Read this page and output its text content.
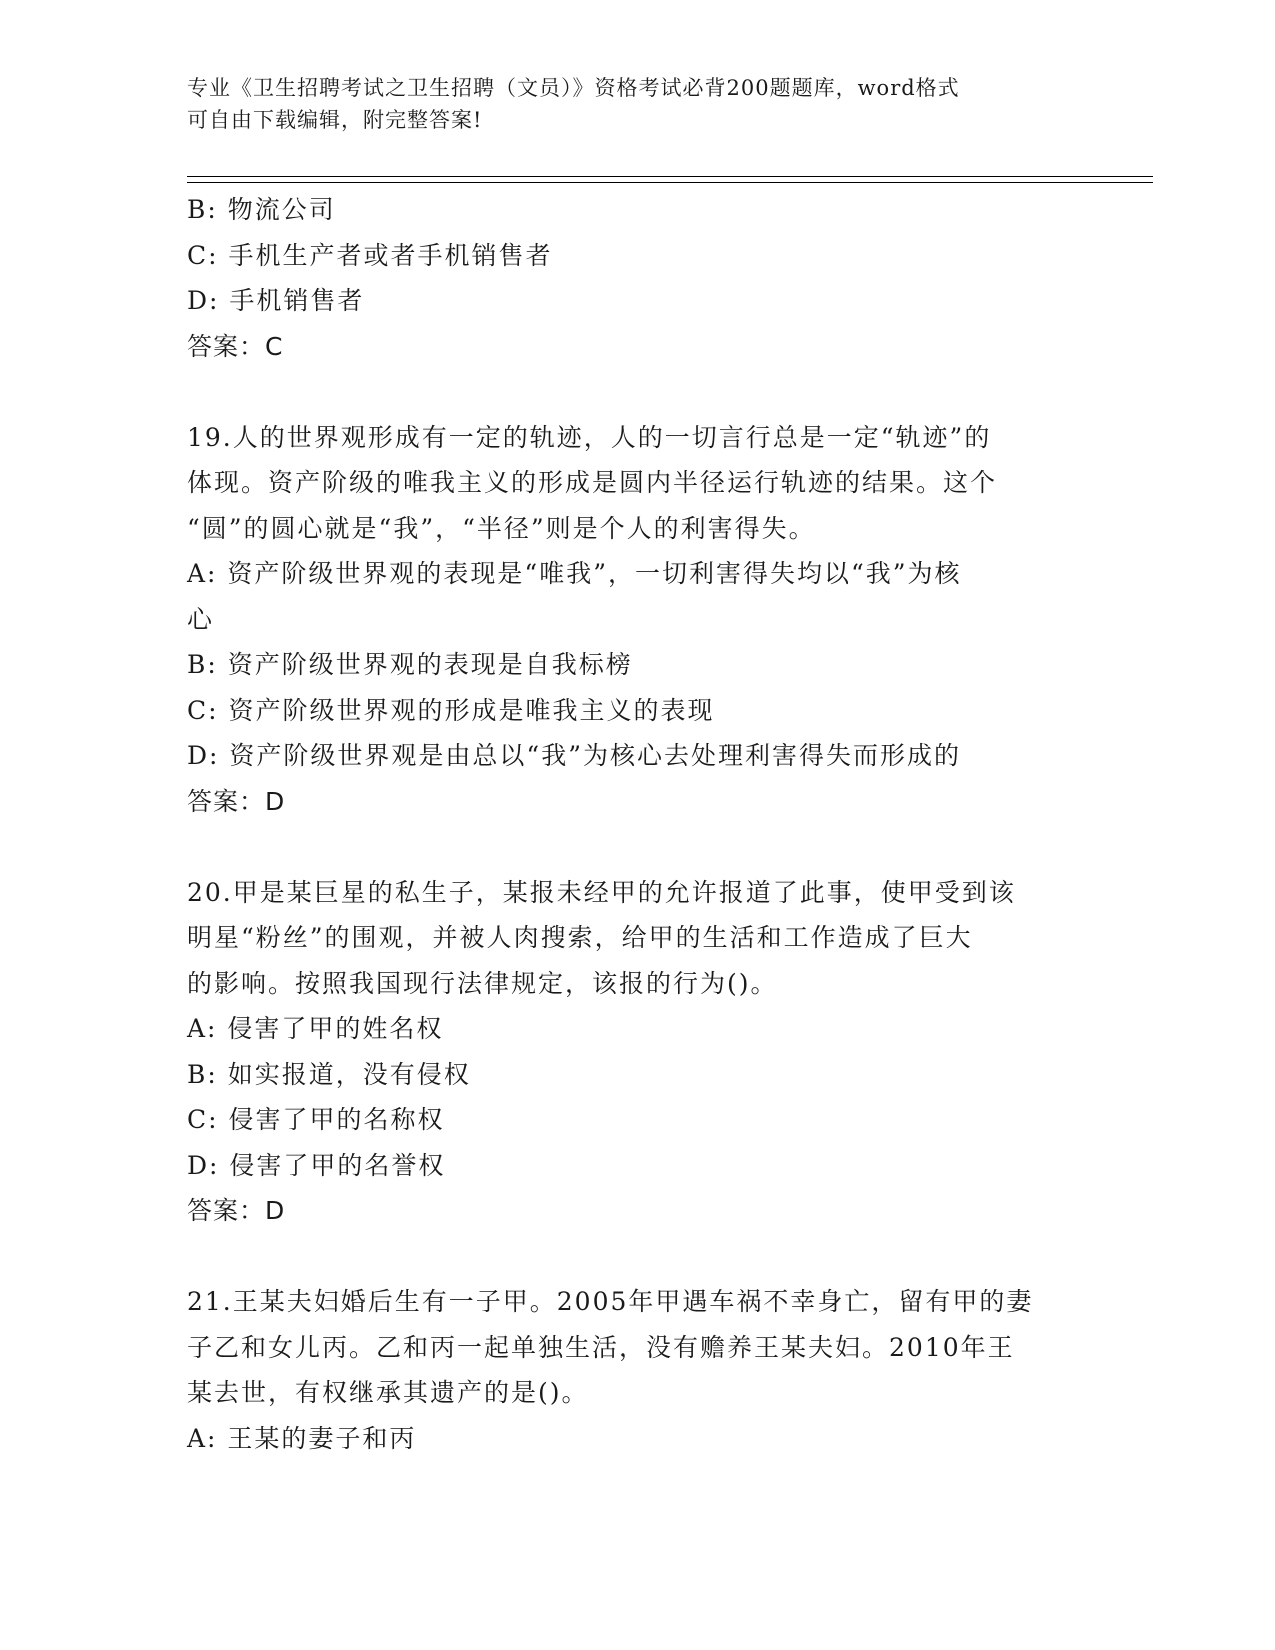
专业《卫生招聘考试之卫生招聘（文员）》资格考试必背200题题库，word格式
可自由下载编辑，附完整答案!

B: 物流公司

C: 手机生产者或者手机销售者

D: 手机销售者

答案：C

19.人的世界观形成有一定的轨迹，人的一切言行总是一定“轨迹”的

体现。资产阶级的唯我主义的形成是圆内半径运行轨迹的结果。这个

“圆”的圆心就是“我”，“半径”则是个人的利害得失。

A: 资产阶级世界观的表现是“唯我”，一切利害得失均以“我”为核

心

B: 资产阶级世界观的表现是自我标榜

C: 资产阶级世界观的形成是唯我主义的表现

D: 资产阶级世界观是由总以“我”为核心去处理利害得失而形成的

答案：D

20.甲是某巨星的私生子，某报未经甲的允许报道了此事，使甲受到该

明星“粉丝”的围观，并被人肉搜索，给甲的生活和工作造成了巨大

的影响。按照我国现行法律规定，该报的行为()。

A: 侵害了甲的姓名权

B: 如实报道，没有侵权

C: 侵害了甲的名称权

D: 侵害了甲的名誉权

答案：D

21.王某夫妇婚后生有一子甲。2005年甲遇车祸不幸身亡，留有甲的妻

子乙和女儿丙。乙和丙一起单独生活，没有赡养王某夫妇。2010年王

某去世，有权继承其遗产的是()。

A: 王某的妻子和丙
